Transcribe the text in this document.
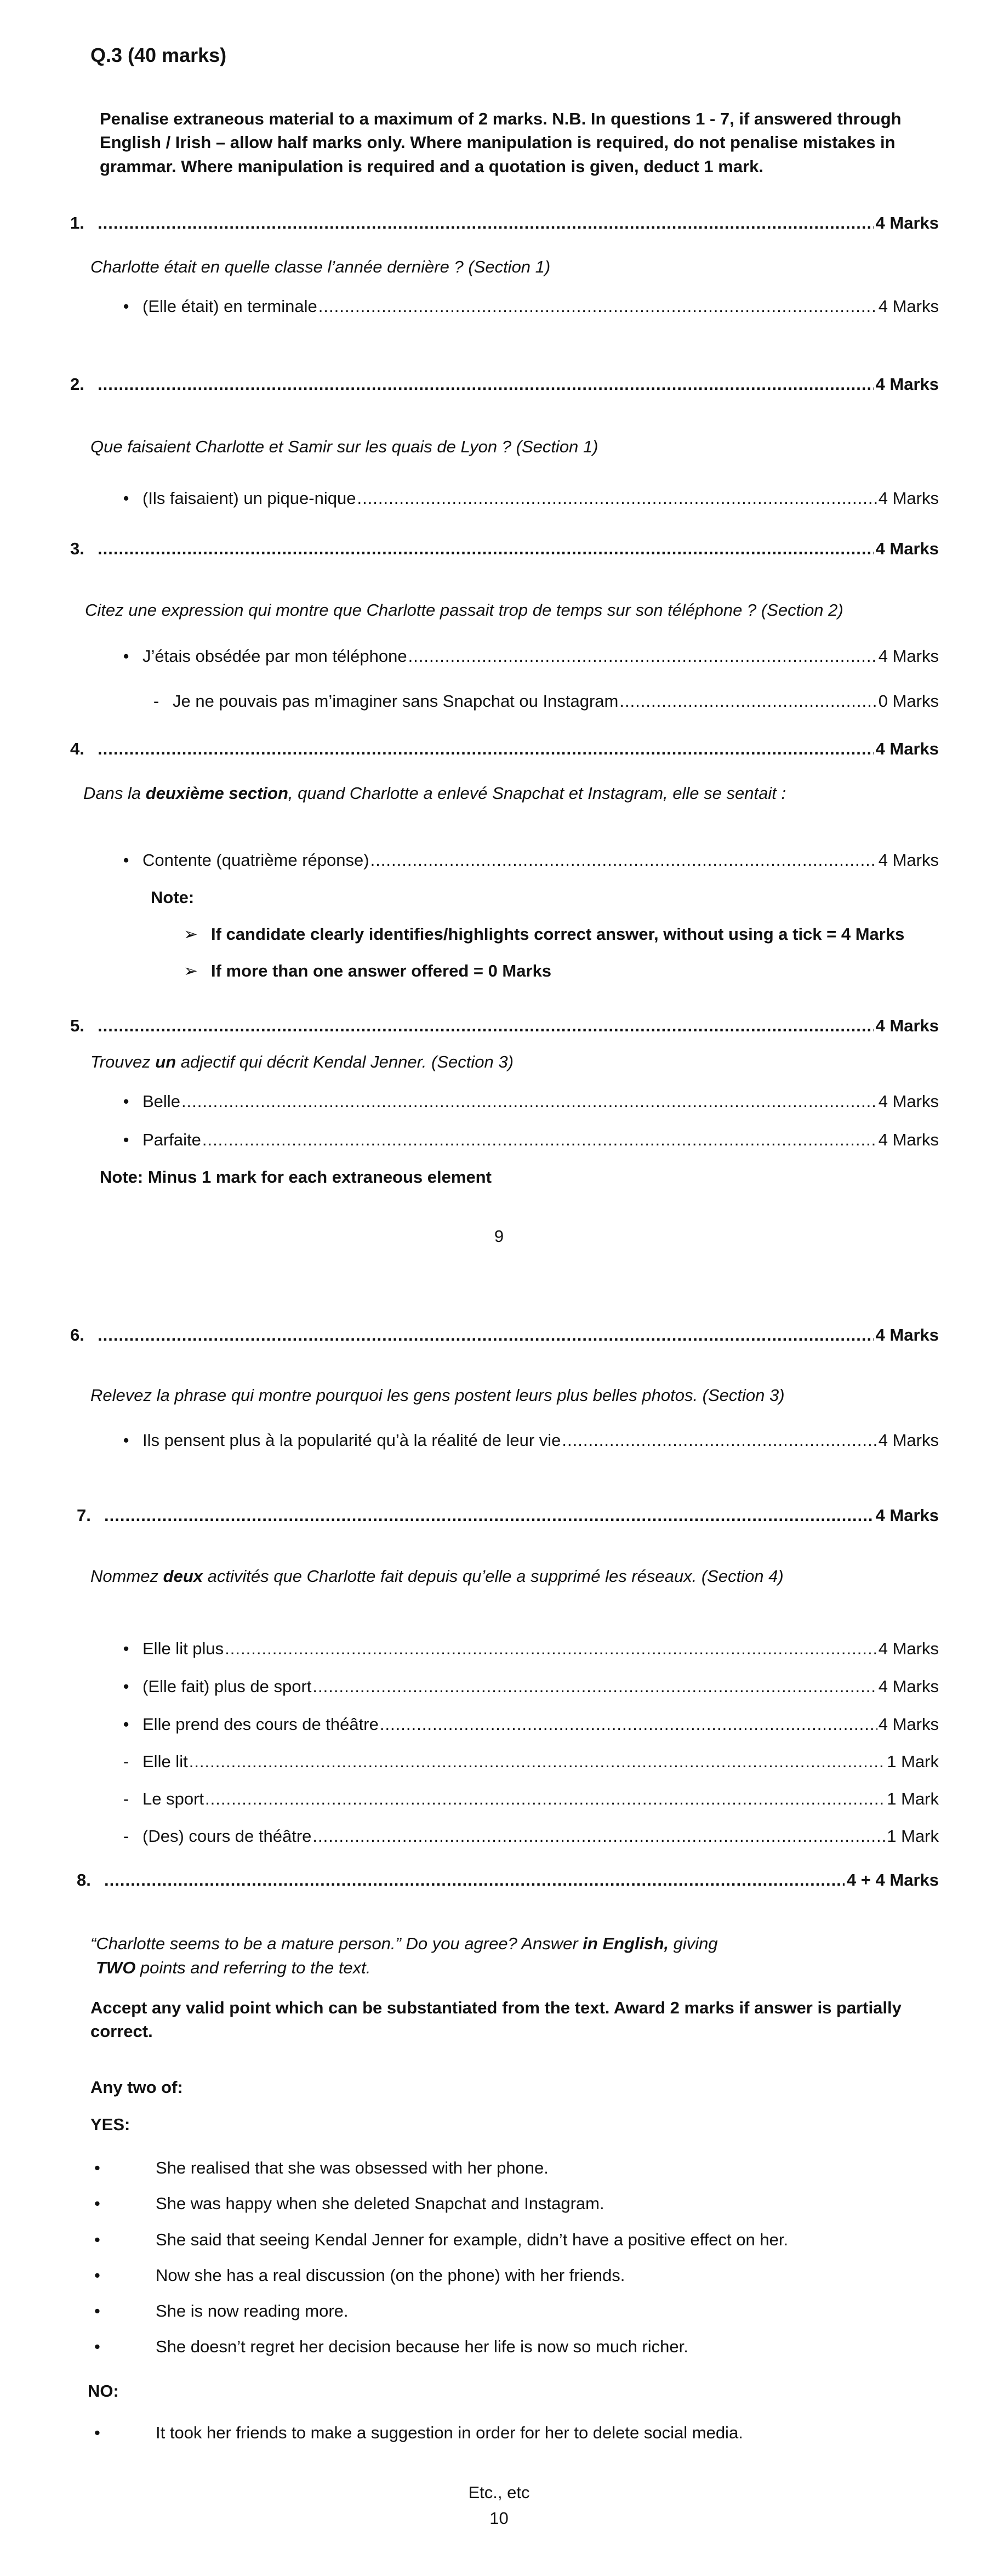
Q.3 (40 marks)
Penalise extraneous material to a maximum of 2 marks. N.B. In questions 1 - 7, if answered through English / Irish – allow half marks only. Where manipulation is required, do not penalise mistakes in grammar. Where manipulation is required and a quotation is given, deduct 1 mark.
1. .....	4 Marks
Charlotte était en quelle classe l’année dernière ? (Section 1)
• (Elle était) en terminale .....	4 Marks
2. .....	4 Marks
Que faisaient Charlotte et Samir sur les quais de Lyon ? (Section 1)
• (Ils faisaient) un pique-nique .....	4 Marks
3. .....	4 Marks
Citez une expression qui montre que Charlotte passait trop de temps sur son téléphone ? (Section 2)
• J’étais obsédée par mon téléphone .....	4 Marks
- Je ne pouvais pas m’imaginer sans Snapchat ou Instagram .....	0 Marks
4. .....	4 Marks
Dans la deuxième section, quand Charlotte a enlevé Snapchat et Instagram, elle se sentait :
• Contente (quatrième réponse) .....	4 Marks
Note:
➢ If candidate clearly identifies/highlights correct answer, without using a tick = 4 Marks
➢ If more than one answer offered = 0 Marks
5. .....	4 Marks
Trouvez un adjectif qui décrit Kendal Jenner. (Section 3)
• Belle .....	4 Marks
• Parfaite .....	4 Marks
Note: Minus 1 mark for each extraneous element
9
6. .....	4 Marks
Relevez la phrase qui montre pourquoi les gens postent leurs plus belles photos. (Section 3)
• Ils pensent plus à la popularité qu’à la réalité de leur vie .....	4 Marks
7. .....	4 Marks
Nommez deux activités que Charlotte fait depuis qu’elle a supprimé les réseaux. (Section 4)
• Elle lit plus .....	4 Marks
• (Elle fait) plus de sport .....	4 Marks
• Elle prend des cours de théâtre .....	4 Marks
- Elle lit .....	1 Mark
- Le sport .....	1 Mark
- (Des) cours de théâtre .....	1 Mark
8. .....	4 + 4 Marks
“Charlotte seems to be a mature person.” Do you agree? Answer in English, giving
TWO points and referring to the text.
Accept any valid point which can be substantiated from the text. Award 2 marks if answer is partially correct.
Any two of:
YES:
•	She realised that she was obsessed with her phone.
•	She was happy when she deleted Snapchat and Instagram.
•	She said that seeing Kendal Jenner for example, didn’t have a positive effect on her.
•	Now she has a real discussion (on the phone) with her friends.
•	She is now reading more.
•	She doesn’t regret her decision because her life is now so much richer.
NO:
•	It took her friends to make a suggestion in order for her to delete social media.
Etc., etc
10
